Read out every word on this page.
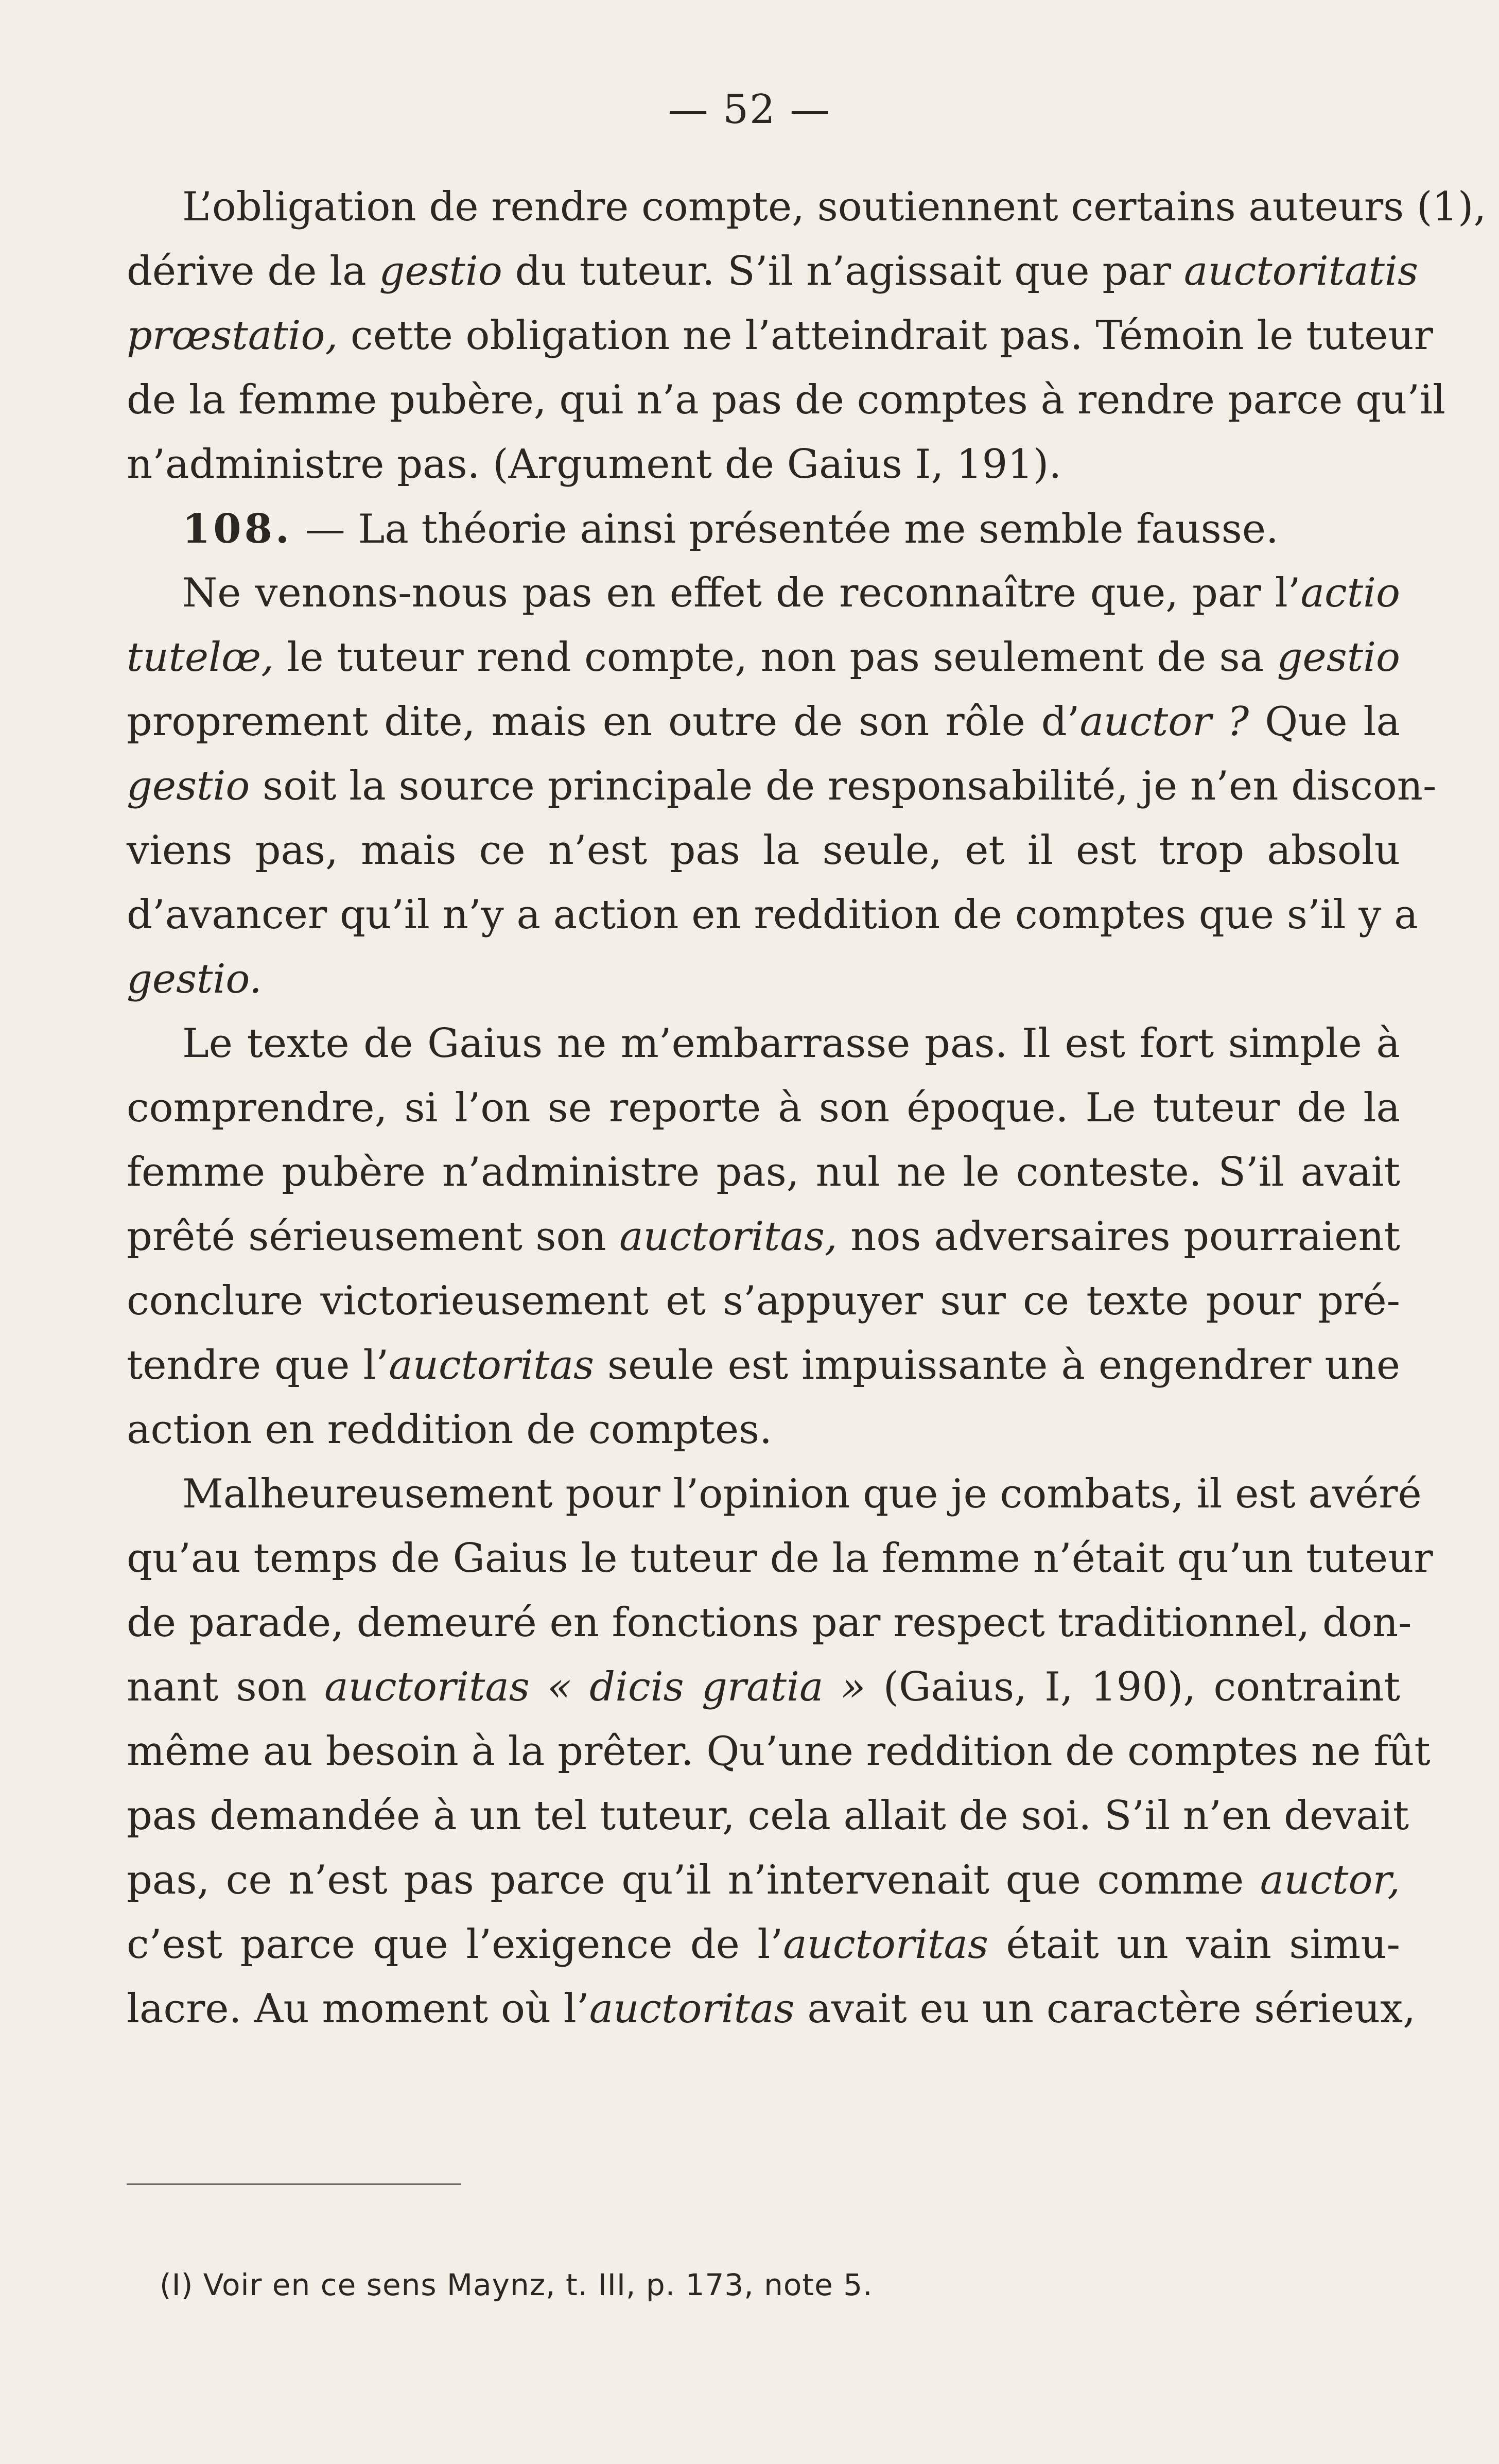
— 52 —
L’obligation de rendre compte, soutiennent certains auteurs (1),
dérive de la gestio du tuteur. S’il n’agissait que par auctoritatis
prœstatio, cette obligation ne l’atteindrait pas. Témoin le tuteur
de la femme pubère, qui n’a pas de comptes à rendre parce qu’il
n’administre pas. (Argument de Gaius I, 191).
108. — La théorie ainsi présentée me semble fausse.
Ne venons-nous pas en effet de reconnaître que, par l’actio
tutelœ, le tuteur rend compte, non pas seulement de sa gestio
proprement dite, mais en outre de son rôle d’auctor ? Que la
gestio soit la source principale de responsabilité, je n’en discon-
viens pas, mais ce n’est pas la seule, et il est trop absolu
d’avancer qu’il n’y a action en reddition de comptes que s’il y a
gestio.
Le texte de Gaius ne m’embarrasse pas. Il est fort simple à
comprendre, si l’on se reporte à son époque. Le tuteur de la
femme pubère n’administre pas, nul ne le conteste. S’il avait
prêté sérieusement son auctoritas, nos adversaires pourraient
conclure victorieusement et s’appuyer sur ce texte pour pré-
tendre que l’auctoritas seule est impuissante à engendrer une
action en reddition de comptes.
Malheureusement pour l’opinion que je combats, il est avéré
qu’au temps de Gaius le tuteur de la femme n’était qu’un tuteur
de parade, demeuré en fonctions par respect traditionnel, don-
nant son auctoritas « dicis gratia » (Gaius, I, 190), contraint
même au besoin à la prêter. Qu’une reddition de comptes ne fût
pas demandée à un tel tuteur, cela allait de soi. S’il n’en devait
pas, ce n’est pas parce qu’il n’intervenait que comme auctor,
c’est parce que l’exigence de l’auctoritas était un vain simu-
lacre. Au moment où l’auctoritas avait eu un caractère sérieux,
(I) Voir en ce sens Maynz, t. III, p. 173, note 5.
